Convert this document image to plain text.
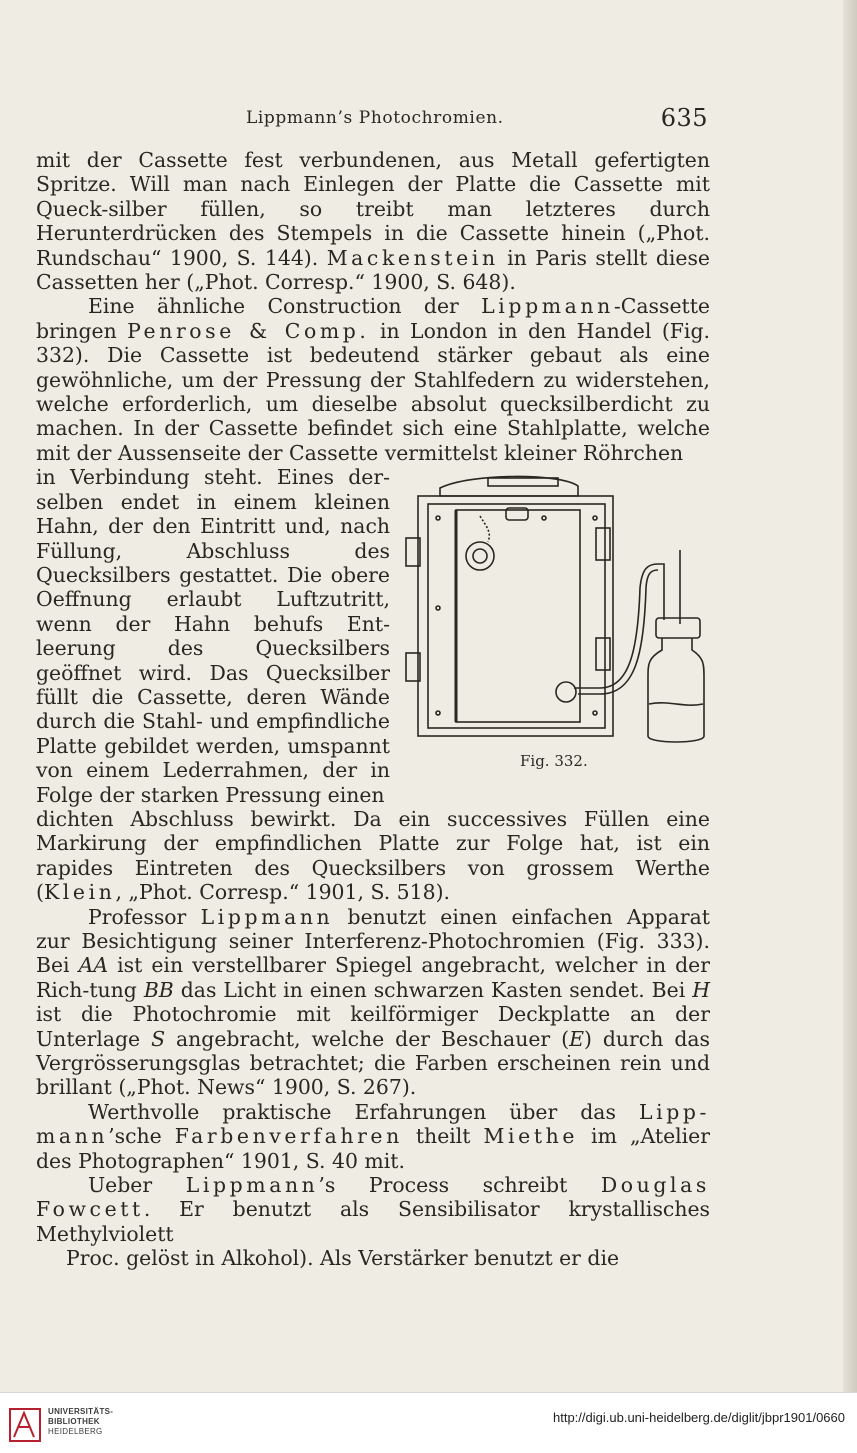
Lippmann’s Photochromien.	635

mit der Cassette fest verbundenen, aus Metall gefertigten Spritze. Will man nach Einlegen der Platte die Cassette mit Queck-silber füllen, so treibt man letzteres durch Herunterdrücken des Stempels in die Cassette hinein („Phot. Rundschau“ 1900, S. 144). Mackenstein in Paris stellt diese Cassetten her („Phot. Corresp.“ 1900, S. 648).

Eine ähnliche Construction der Lippmann-Cassette bringen Penrose & Comp. in London in den Handel (Fig. 332). Die Cassette ist bedeutend stärker gebaut als eine gewöhnliche, um der Pressung der Stahlfedern zu widerstehen, welche erforderlich, um dieselbe absolut quecksilberdicht zu machen. In der Cassette befindet sich eine Stahlplatte, welche mit der Aussenseite der Cassette vermittelst kleiner Röhrchen

in Verbindung steht. Eines der-selben endet in einem kleinen Hahn, der den Eintritt und, nach Füllung, Abschluss des Quecksilbers gestattet. Die obere Oeffnung erlaubt Luftzutritt, wenn der Hahn behufs Ent-leerung des Quecksilbers geöffnet wird. Das Quecksilber füllt die Cassette, deren Wände durch die Stahl- und empfindliche Platte gebildet werden, umspannt von einem Lederrahmen, der in Folge der starken Pressung einen

dichten Abschluss bewirkt. Da ein successives Füllen eine Markirung der empfindlichen Platte zur Folge hat, ist ein rapides Eintreten des Quecksilbers von grossem Werthe (Klein, „Phot. Corresp.“ 1901, S. 518).

Professor Lippmann benutzt einen einfachen Apparat zur Besichtigung seiner Interferenz-Photochromien (Fig. 333). Bei AA ist ein verstellbarer Spiegel angebracht, welcher in der Rich-tung BB das Licht in einen schwarzen Kasten sendet. Bei H ist die Photochromie mit keilförmiger Deckplatte an der Unterlage S angebracht, welche der Beschauer (E) durch das Vergrösserungsglas betrachtet; die Farben erscheinen rein und brillant („Phot. News“ 1900, S. 267).

Werthvolle praktische Erfahrungen über das Lipp-mann’sche Farbenverfahren theilt Miethe im „Atelier des Photographen“ 1901, S. 40 mit.

Ueber Lippmann’s Process schreibt Douglas Fowcett. Er benutzt als Sensibilisator krystallisches Methylviolett

Proc. gelöst in Alkohol). Als Verstärker benutzt er die

Fig. 332.
UNIVERSITÄTS-
BIBLIOTHEK
HEIDELBERG
http://digi.ub.uni-heidelberg.de/diglit/jbpr1901/0660
